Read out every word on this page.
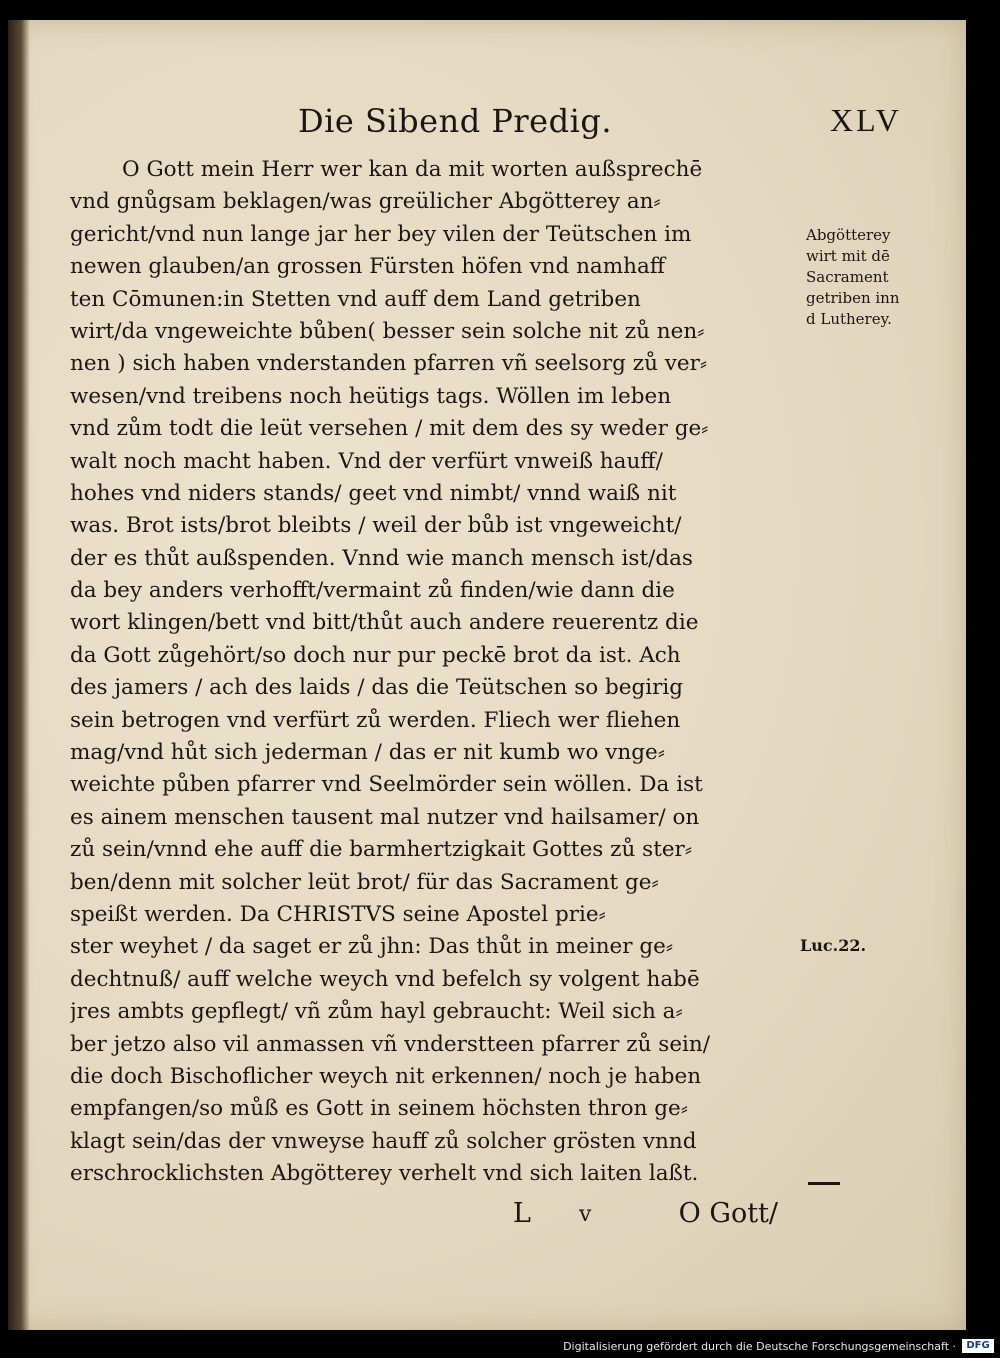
Die Sibend Predig.	XLV
O Gott mein Herr wer kan da mit worten außsprechē
vnd gnůgsam beklagen/was greülicher Abgötterey an⸗
gericht/vnd nun lange jar her bey vilen der Teütschen im
newen glauben/an grossen Fürsten höfen vnd namhaff
ten Cōmunen:in Stetten vnd auff dem Land getriben
wirt/da vngeweichte bůben( besser sein solche nit zů nen⸗
nen ) sich haben vnderstanden pfarren vñ seelsorg zů ver⸗
wesen/vnd treibens noch heütigs tags. Wöllen im leben
vnd zům todt die leüt versehen / mit dem des sy weder ge⸗
walt noch macht haben. Vnd der verfürt vnweiß hauff/
hohes vnd niders stands/ geet vnd nimbt/ vnnd waiß nit
was. Brot ists/brot bleibts / weil der bůb ist vngeweicht/
der es thůt außspenden. Vnnd wie manch mensch ist/das
da bey anders verhofft/vermaint zů finden/wie dann die
wort klingen/bett vnd bitt/thůt auch andere reuerentz die
da Gott zůgehört/so doch nur pur peckē brot da ist. Ach
des jamers / ach des laids / das die Teütschen so begirig
sein betrogen vnd verfürt zů werden. Fliech wer fliehen
mag/vnd hůt sich jederman / das er nit kumb wo vnge⸗
weichte půben pfarrer vnd Seelmörder sein wöllen. Da ist
es ainem menschen tausent mal nutzer vnd hailsamer/ on
zů sein/vnnd ehe auff die barmhertzigkait Gottes zů ster⸗
ben/denn mit solcher leüt brot/ für das Sacrament ge⸗
speißt werden. Da CHRISTVS seine Apostel prie⸗
ster weyhet / da saget er zů jhn: Das thůt in meiner ge⸗
dechtnuß/ auff welche weych vnd befelch sy volgent habē
jres ambts gepflegt/ vñ zům hayl gebraucht: Weil sich a⸗
ber jetzo also vil anmassen vñ vnderstteen pfarrer zů sein/
die doch Bischoflicher weych nit erkennen/ noch je haben
empfangen/so můß es Gott in seinem höchsten thron ge⸗
klagt sein/das der vnweyse hauff zů solcher grösten vnnd
erschrocklichsten Abgötterey verhelt vnd sich laiten laßt.
Abgötterey
wirt mit dē
Sacrament
getriben inn
d Lutherey.
Luc.22.
L v	O Gott/
Digitalisierung gefördert durch die Deutsche Forschungsgemeinschaft ·	DFG
